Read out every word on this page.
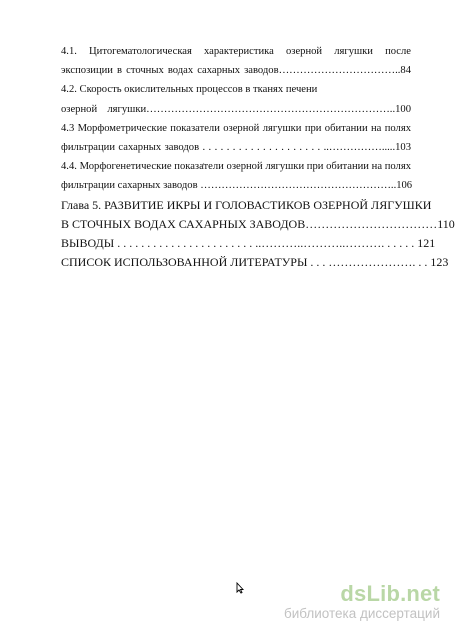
4.1. Цитогематологическая характеристика озерной лягушки после
экспозиции в сточных водах сахарных заводов……………………………..84
4.2. Скорость окислительных процессов в тканях печени
озерной лягушки……………………………………………………………..100
4.3 Морфометрические показатели озерной лягушки при обитании на полях
фильтрации сахарных заводов . . . . . . . . . . . . . . . . . . . . ..…………….....103
4.4. Морфогенетические показатели озерной лягушки при обитании на полях
фильтрации сахарных заводов ………………………………………………..106
Глава 5. РАЗВИТИЕ ИКРЫ И ГОЛОВАСТИКОВ ОЗЕРНОЙ ЛЯГУШКИ
В СТОЧНЫХ ВОДАХ САХАРНЫХ ЗАВОДОВ……………………………110
ВЫВОДЫ . . . . . . . . . . . . . . . . . . . . . . . ..………..………..………. . . . . . 121
СПИСОК ИСПОЛЬЗОВАННОЙ ЛИТЕРАТУРЫ . . . …………………. . . 123
dsLib.net
библиотека диссертаций
